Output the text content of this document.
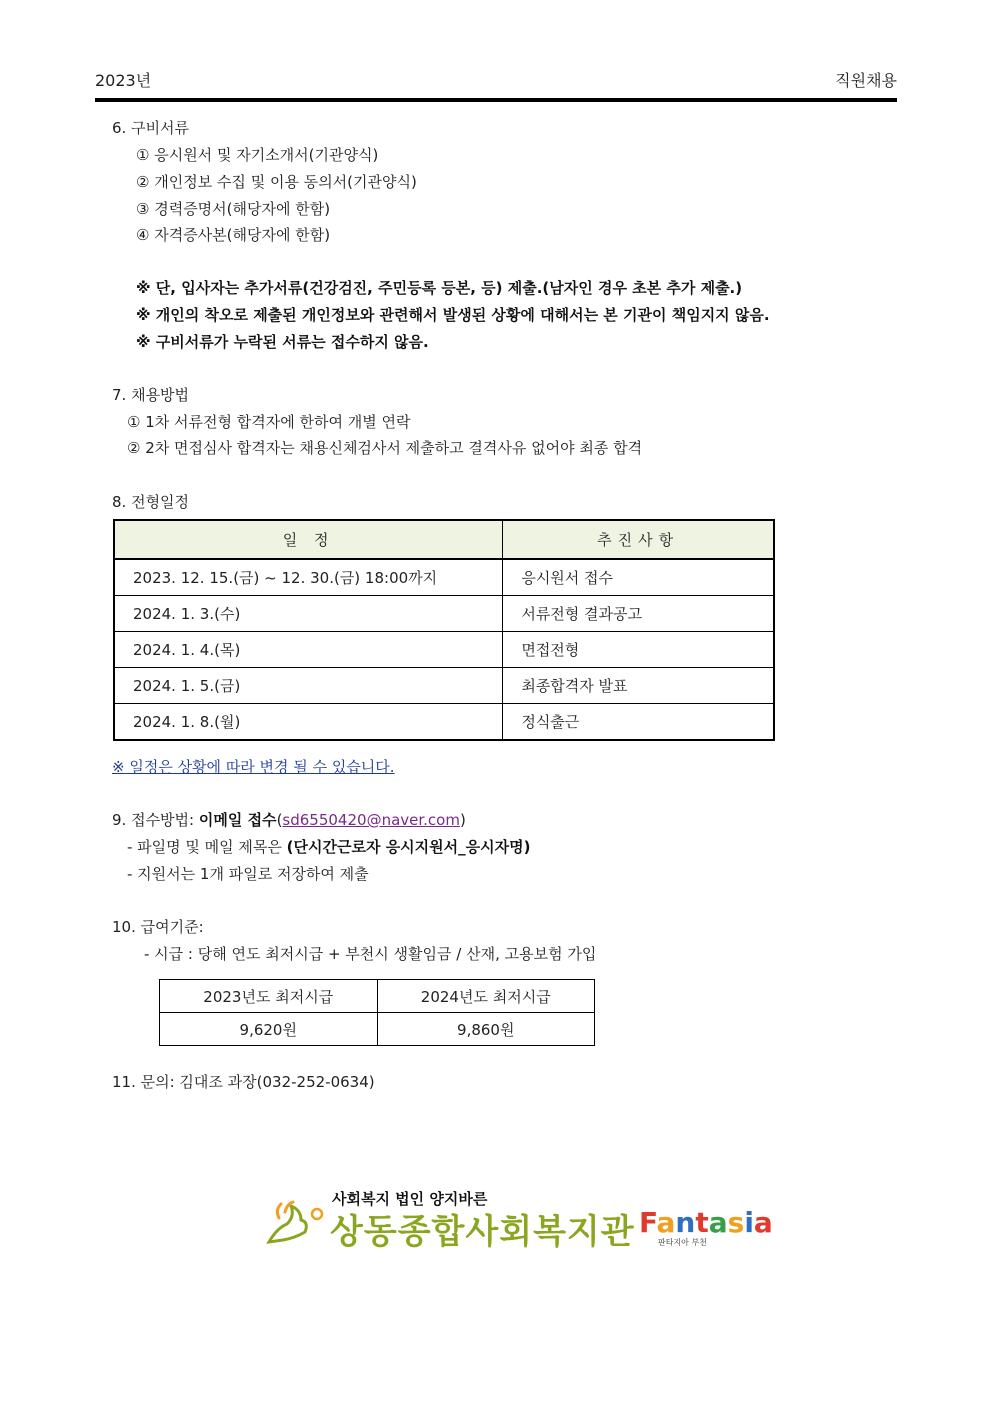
2023년	직원채용
6. 구비서류
① 응시원서 및 자기소개서(기관양식)
② 개인정보 수집 및 이용 동의서(기관양식)
③ 경력증명서(해당자에 한함)
④ 자격증사본(해당자에 한함)
※ 단, 입사자는 추가서류(건강검진, 주민등록 등본, 등) 제출.(남자인 경우 초본 추가 제출.)
※ 개인의 착오로 제출된 개인정보와 관련해서 발생된 상황에 대해서는 본 기관이 책임지지 않음.
※ 구비서류가 누락된 서류는 접수하지 않음.
7. 채용방법
① 1차 서류전형 합격자에 한하여 개별 연락
② 2차 면접심사 합격자는 채용신체검사서 제출하고 결격사유 없어야 최종 합격
8. 전형일정
일 정	추진사항
2023. 12. 15.(금) ~ 12. 30.(금) 18:00까지	응시원서 접수
2024. 1. 3.(수)	서류전형 결과공고
2024. 1. 4.(목)	면접전형
2024. 1. 5.(금)	최종합격자 발표
2024. 1. 8.(월)	정식출근
※ 일정은 상황에 따라 변경 될 수 있습니다.
9. 접수방법: 이메일 접수(sd6550420@naver.com)
- 파일명 및 메일 제목은 (단시간근로자 응시지원서_응시자명)
- 지원서는 1개 파일로 저장하여 제출
10. 급여기준:
- 시급 : 당해 연도 최저시급 + 부천시 생활임금 / 산재, 고용보험 가입
2023년도 최저시급	2024년도 최저시급
9,620원	9,860원
11. 문의: 김대조 과장(032-252-0634)
사회복지 법인 양지바른
상동종합사회복지관 Fantasia
판타지아 부천
